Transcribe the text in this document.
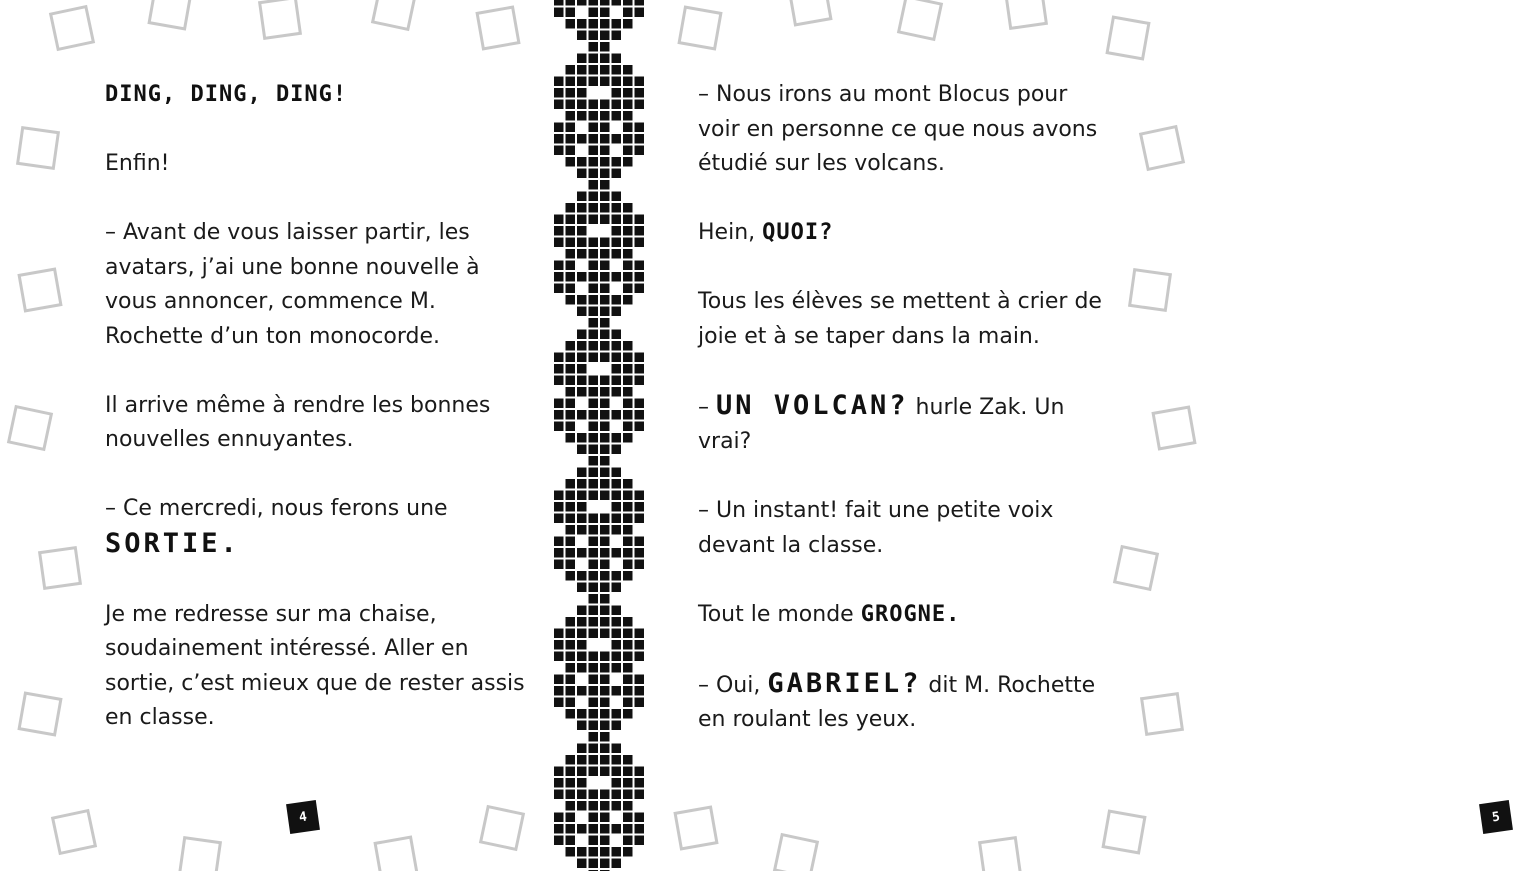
DING, DING, DING!

Enfin!

– Avant de vous laisser partir, les avatars, j’ai une bonne nouvelle à vous annoncer, commence M. Rochette d’un ton monocorde.

Il arrive même à rendre les bonnes nouvelles ennuyantes.

– Ce mercredi, nous ferons une SORTIE.

Je me redresse sur ma chaise, soudainement intéressé. Aller en sortie, c’est mieux que de rester assis en classe.

4

– Nous irons au mont Blocus pour voir en personne ce que nous avons étudié sur les volcans.

Hein, QUOI?

Tous les élèves se mettent à crier de joie et à se taper dans la main.

– UN VOLCAN? hurle Zak. Un vrai?

– Un instant! fait une petite voix devant la classe.

Tout le monde GROGNE.

– Oui, GABRIEL? dit M. Rochette en roulant les yeux.

5
